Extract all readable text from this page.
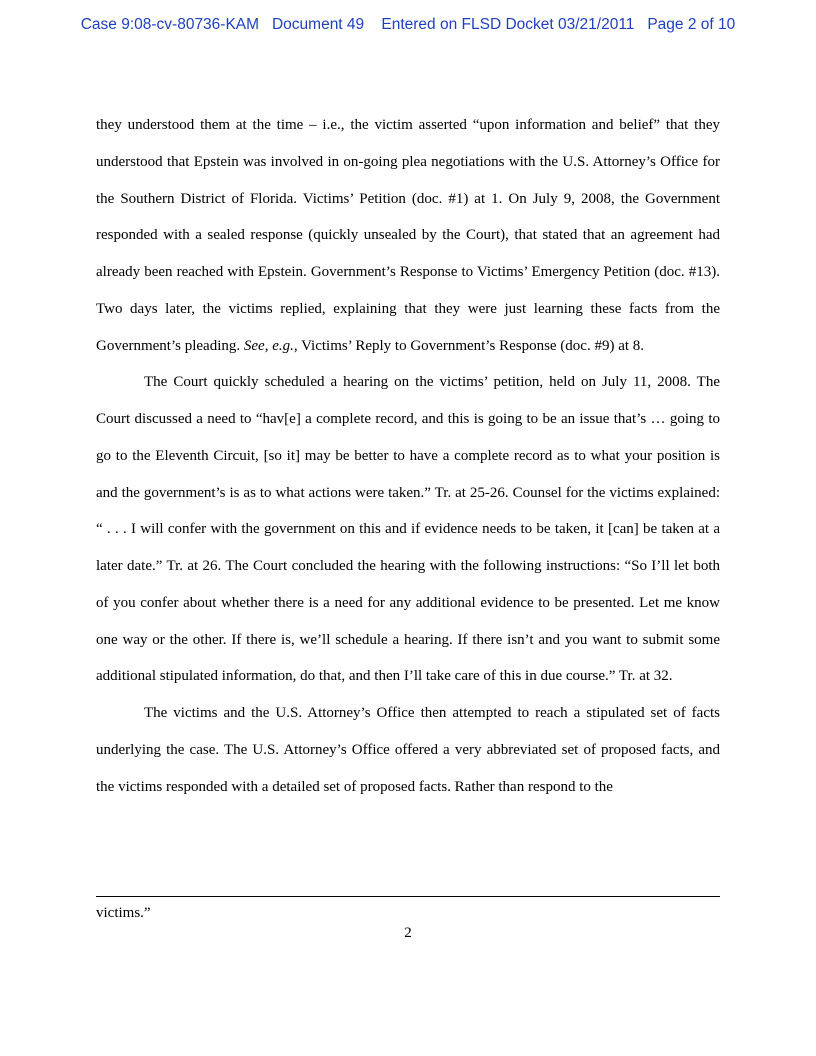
Case 9:08-cv-80736-KAM   Document 49    Entered on FLSD Docket 03/21/2011   Page 2 of 10

they understood them at the time – i.e., the victim asserted “upon information and belief” that they understood that Epstein was involved in on-going plea negotiations with the U.S. Attorney’s Office for the Southern District of Florida. Victims’ Petition (doc. #1) at 1. On July 9, 2008, the Government responded with a sealed response (quickly unsealed by the Court), that stated that an agreement had already been reached with Epstein. Government’s Response to Victims’ Emergency Petition (doc. #13). Two days later, the victims replied, explaining that they were just learning these facts from the Government’s pleading. See, e.g., Victims’ Reply to Government’s Response (doc. #9) at 8.

The Court quickly scheduled a hearing on the victims’ petition, held on July 11, 2008. The Court discussed a need to “hav[e] a complete record, and this is going to be an issue that’s … going to go to the Eleventh Circuit, [so it] may be better to have a complete record as to what your position is and the government’s is as to what actions were taken.” Tr. at 25-26. Counsel for the victims explained: “ . . . I will confer with the government on this and if evidence needs to be taken, it [can] be taken at a later date.” Tr. at 26. The Court concluded the hearing with the following instructions: “So I’ll let both of you confer about whether there is a need for any additional evidence to be presented. Let me know one way or the other. If there is, we’ll schedule a hearing. If there isn’t and you want to submit some additional stipulated information, do that, and then I’ll take care of this in due course.” Tr. at 32.

The victims and the U.S. Attorney’s Office then attempted to reach a stipulated set of facts underlying the case. The U.S. Attorney’s Office offered a very abbreviated set of proposed facts, and the victims responded with a detailed set of proposed facts. Rather than respond to the

victims.”
2
